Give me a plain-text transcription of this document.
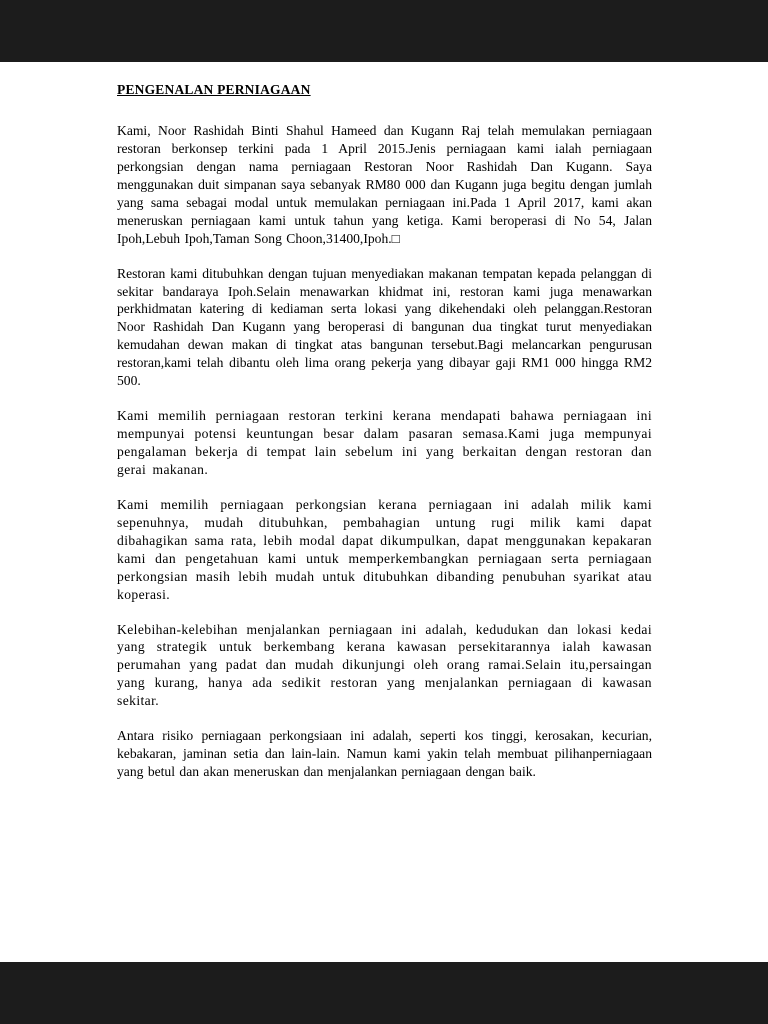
PENGENALAN PERNIAGAAN

Kami, Noor Rashidah Binti Shahul Hameed dan Kugann Raj telah memulakan perniagaan restoran berkonsep terkini pada 1 April 2015.Jenis perniagaan kami ialah perniagaan perkongsian dengan nama perniagaan Restoran Noor Rashidah Dan Kugann. Saya menggunakan duit simpanan saya sebanyak RM80 000 dan Kugann juga begitu dengan jumlah yang sama sebagai modal untuk memulakan perniagaan ini.Pada 1 April 2017, kami akan meneruskan perniagaan kami untuk tahun yang ketiga. Kami beroperasi di No 54, Jalan Ipoh,Lebuh Ipoh,Taman Song Choon,31400,Ipoh.□

Restoran kami ditubuhkan dengan tujuan menyediakan makanan tempatan kepada pelanggan di sekitar bandaraya Ipoh.Selain menawarkan khidmat ini, restoran kami juga menawarkan perkhidmatan katering di kediaman serta lokasi yang dikehendaki oleh pelanggan.Restoran Noor Rashidah Dan Kugann yang beroperasi di bangunan dua tingkat turut menyediakan kemudahan dewan makan di tingkat atas bangunan tersebut.Bagi melancarkan pengurusan restoran,kami telah dibantu oleh lima orang pekerja yang dibayar gaji RM1 000 hingga RM2 500.

Kami memilih perniagaan restoran terkini kerana mendapati bahawa perniagaan ini mempunyai potensi keuntungan besar dalam pasaran semasa.Kami juga mempunyai pengalaman bekerja di tempat lain sebelum ini yang berkaitan dengan restoran dan gerai makanan.

Kami memilih perniagaan perkongsian kerana perniagaan ini adalah milik kami sepenuhnya, mudah ditubuhkan, pembahagian untung rugi milik kami dapat dibahagikan sama rata, lebih modal dapat dikumpulkan, dapat menggunakan kepakaran kami dan pengetahuan kami untuk memperkembangkan perniagaan serta perniagaan perkongsian masih lebih mudah untuk ditubuhkan dibanding penubuhan syarikat atau koperasi.

Kelebihan-kelebihan menjalankan perniagaan ini adalah, kedudukan dan lokasi kedai yang strategik untuk berkembang kerana kawasan persekitarannya ialah kawasan perumahan yang padat dan mudah dikunjungi oleh orang ramai.Selain itu,persaingan yang kurang, hanya ada sedikit restoran yang menjalankan perniagaan di kawasan sekitar.

Antara risiko perniagaan perkongsiaan ini adalah, seperti kos tinggi, kerosakan, kecurian, kebakaran, jaminan setia dan lain-lain. Namun kami yakin telah membuat pilihanperniagaan yang betul dan akan meneruskan dan menjalankan perniagaan dengan baik.
